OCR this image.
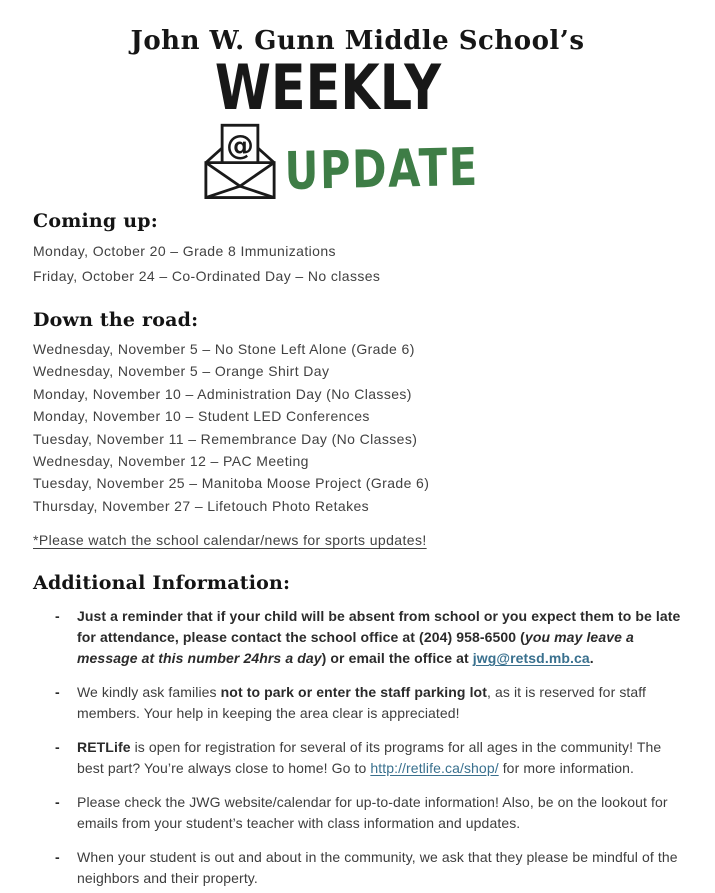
John W. Gunn Middle School’s
WEEKLY
@ UPDATE
Coming up:
Monday, October 20 – Grade 8 Immunizations
Friday, October 24 – Co-Ordinated Day – No classes
Down the road:
Wednesday, November 5 – No Stone Left Alone (Grade 6)
Wednesday, November 5 – Orange Shirt Day
Monday, November 10 – Administration Day (No Classes)
Monday, November 10 – Student LED Conferences
Tuesday, November 11 – Remembrance Day (No Classes)
Wednesday, November 12 – PAC Meeting
Tuesday, November 25 – Manitoba Moose Project (Grade 6)
Thursday, November 27 – Lifetouch Photo Retakes
*Please watch the school calendar/news for sports updates!
Additional Information:
-	Just a reminder that if your child will be absent from school or you expect them to be late for attendance, please contact the school office at (204) 958-6500 (you may leave a message at this number 24hrs a day) or email the office at jwg@retsd.mb.ca.
-	We kindly ask families not to park or enter the staff parking lot, as it is reserved for staff members. Your help in keeping the area clear is appreciated!
-	RETLife is open for registration for several of its programs for all ages in the community! The best part? You’re always close to home! Go to http://retlife.ca/shop/ for more information.
-	Please check the JWG website/calendar for up-to-date information! Also, be on the lookout for emails from your student’s teacher with class information and updates.
-	When your student is out and about in the community, we ask that they please be mindful of the neighbors and their property.
